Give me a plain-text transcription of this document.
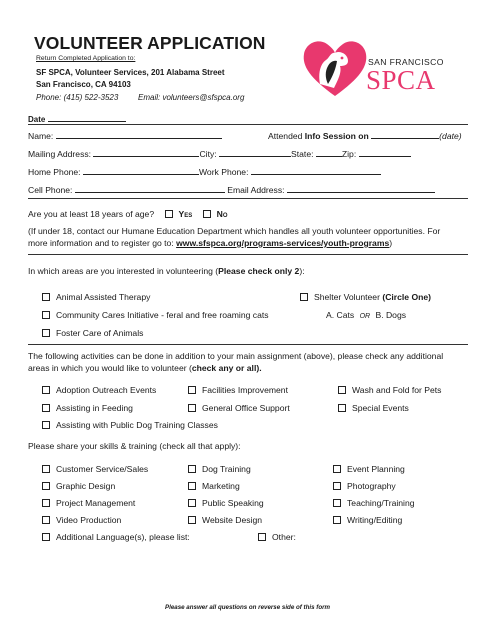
VOLUNTEER APPLICATION
Return Completed Application to:
SF SPCA, Volunteer Services, 201 Alabama Street
San Francisco, CA 94103
Phone: (415) 522-3523 Email: volunteers@sfspca.org
SAN FRANCISCO
SPCA
Date
Name:	Attended Info Session on	(date)
Mailing Address:	City:	State:	Zip:
Home Phone:	Work Phone:
Cell Phone:	Email Address:
Are you at least 18 years of age?	Yes	No
(If under 18, contact our Humane Education Department which handles all youth volunteer opportunities. For
more information and to register go to: www.sfspca.org/programs-services/youth-programs)
In which areas are you interested in volunteering (Please check only 2):
Animal Assisted Therapy	Shelter Volunteer (Circle One)
Community Cares Initiative - feral and free roaming cats	A. Cats OR B. Dogs
Foster Care of Animals
The following activities can be done in addition to your main assignment (above), please check any additional
areas in which you would like to volunteer (check any or all).
Adoption Outreach Events	Facilities Improvement	Wash and Fold for Pets
Assisting in Feeding	General Office Support	Special Events
Assisting with Public Dog Training Classes
Please share your skills & training (check all that apply):
Customer Service/Sales	Dog Training	Event Planning
Graphic Design	Marketing	Photography
Project Management	Public Speaking	Teaching/Training
Video Production	Website Design	Writing/Editing
Additional Language(s), please list:	Other:
Please answer all questions on reverse side of this form
